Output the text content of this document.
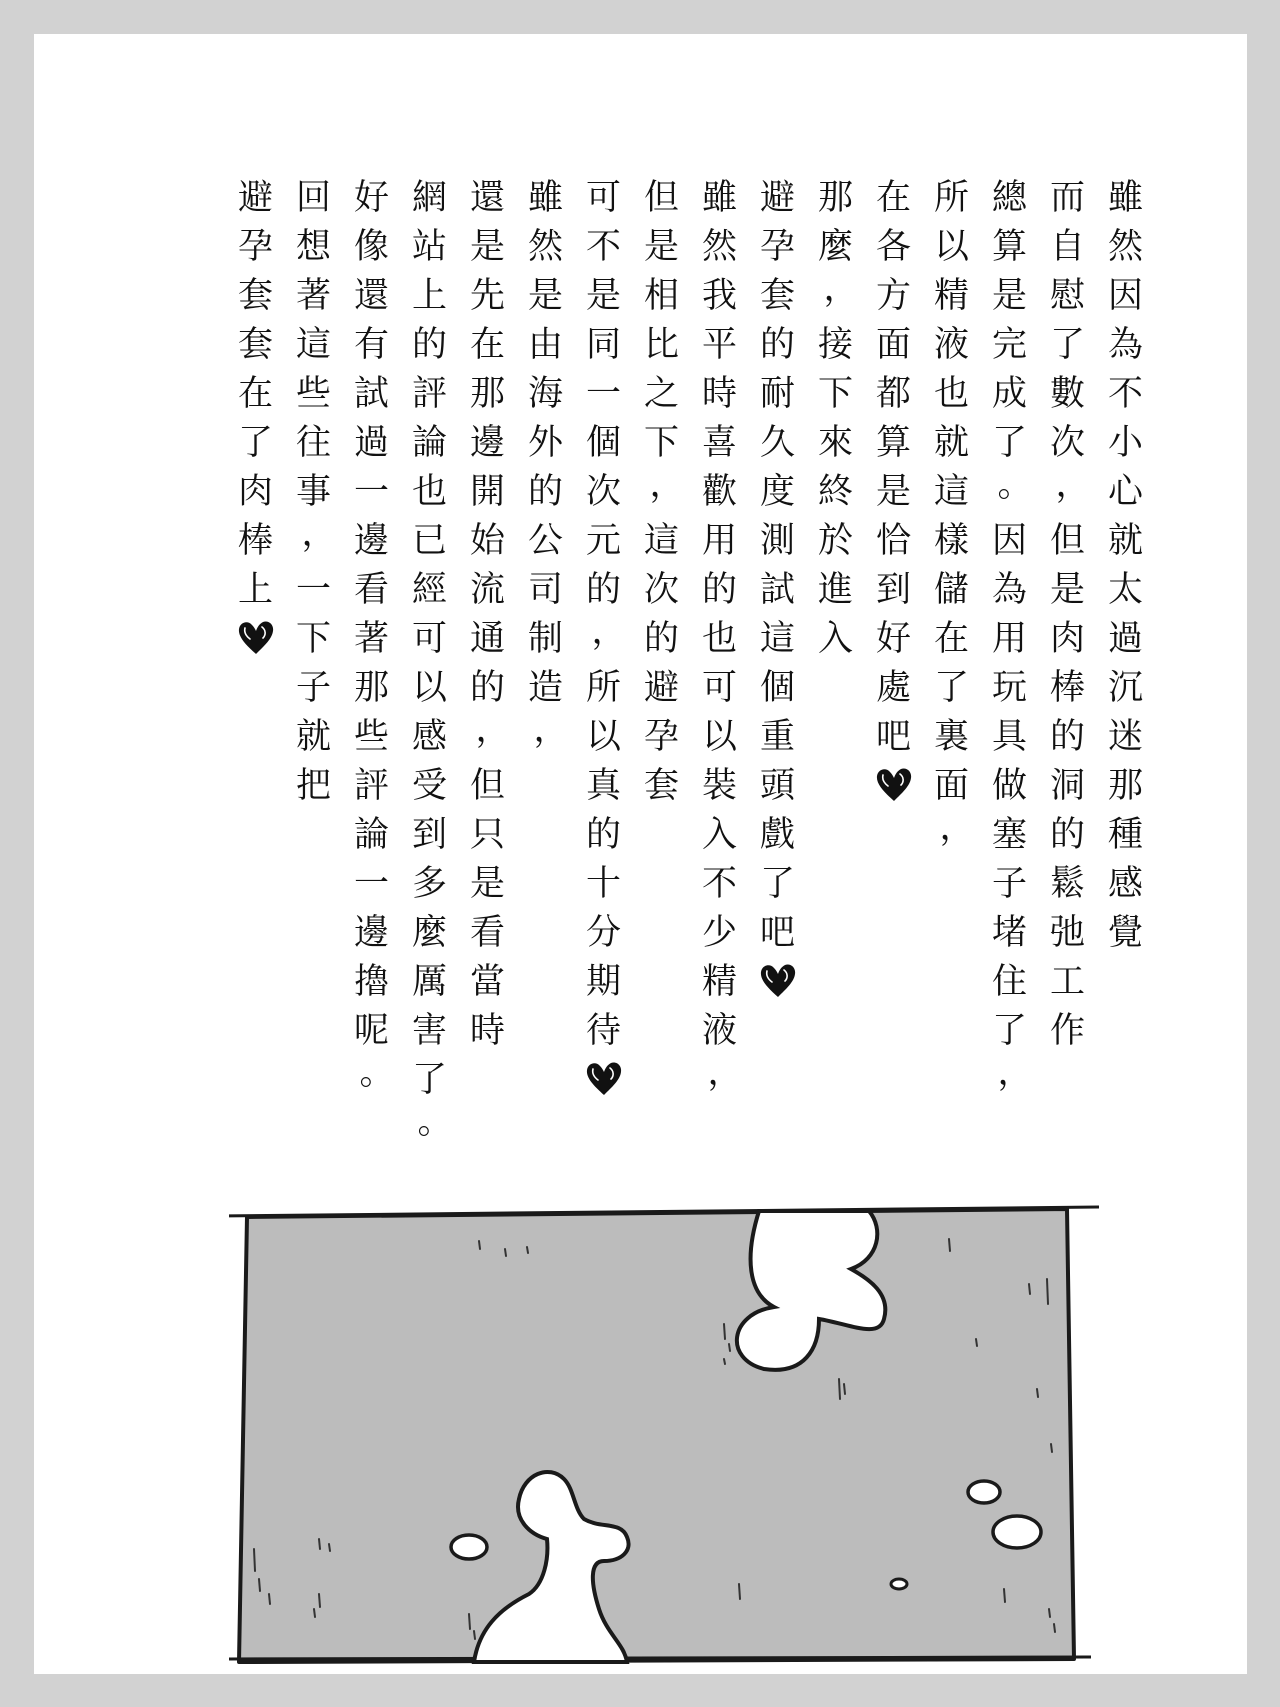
雖
然
因
為
不
小
心
就
太
過
沉
迷
那
種
感
覺
而
自
慰
了
數
次
，
但
是
肉
棒
的
洞
的
鬆
弛
工
作
總
算
是
完
成
了
。
因
為
用
玩
具
做
塞
子
堵
住
了
，
所
以
精
液
也
就
這
樣
儲
在
了
裏
面
，
在
各
方
面
都
算
是
恰
到
好
處
吧
那
麼
，
接
下
來
終
於
進
入
避
孕
套
的
耐
久
度
測
試
這
個
重
頭
戲
了
吧
雖
然
我
平
時
喜
歡
用
的
也
可
以
裝
入
不
少
精
液
，
但
是
相
比
之
下
，
這
次
的
避
孕
套
可
不
是
同
一
個
次
元
的
，
所
以
真
的
十
分
期
待
雖
然
是
由
海
外
的
公
司
制
造
，
還
是
先
在
那
邊
開
始
流
通
的
，
但
只
是
看
當
時
網
站
上
的
評
論
也
已
經
可
以
感
受
到
多
麼
厲
害
了
。
好
像
還
有
試
過
一
邊
看
著
那
些
評
論
一
邊
擼
呢
。
回
想
著
這
些
往
事
，
一
下
子
就
把
避
孕
套
套
在
了
肉
棒
上
